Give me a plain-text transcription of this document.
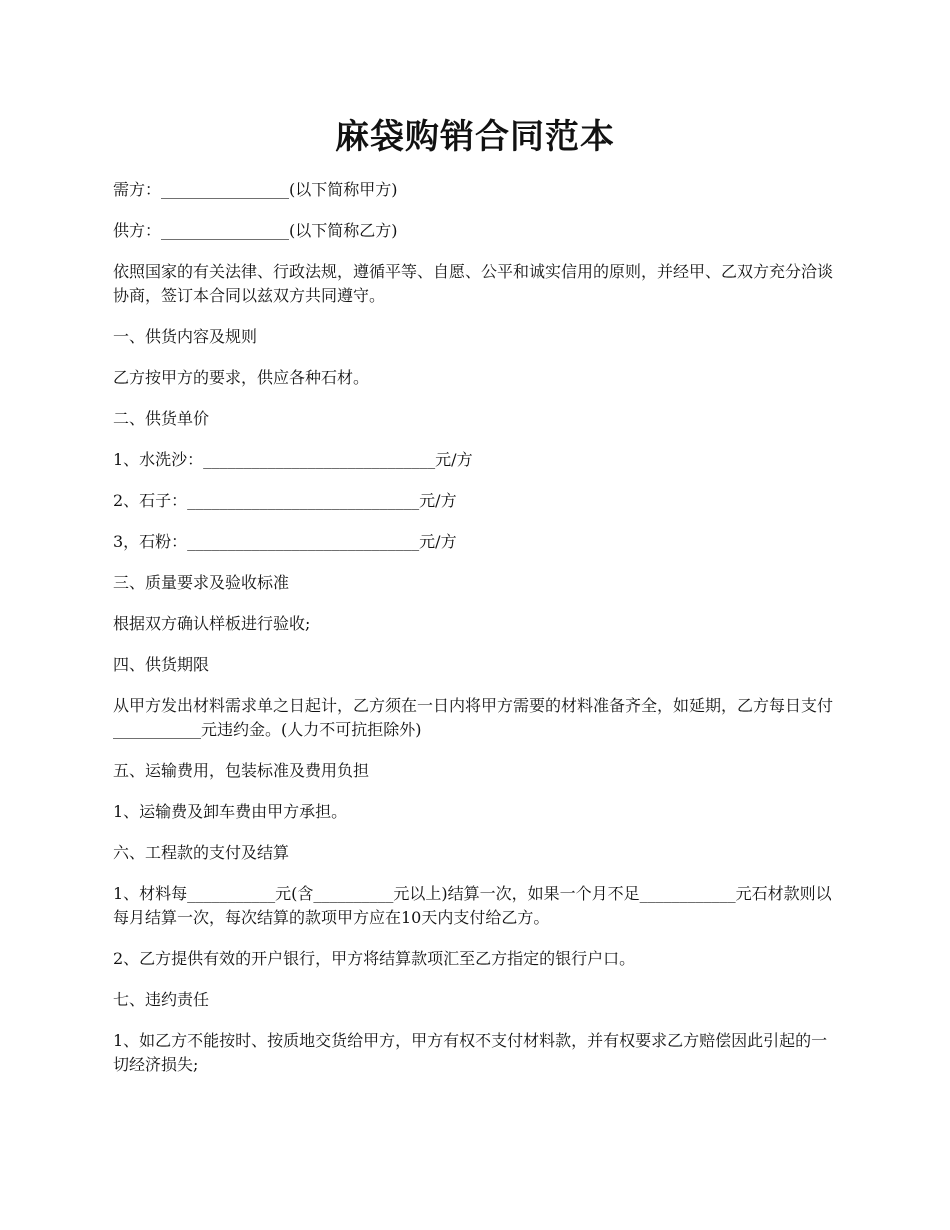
麻袋购销合同范本

需方：________________(以下简称甲方)

供方：________________(以下简称乙方)

依照国家的有关法律、行政法规，遵循平等、自愿、公平和诚实信用的原则，并经甲、乙双方充分洽谈协商，签订本合同以兹双方共同遵守。

一、供货内容及规则

乙方按甲方的要求，供应各种石材。

二、供货单价

1、水洗沙：_____________________________元/方

2、石子：_____________________________元/方

3，石粉：_____________________________元/方

三、质量要求及验收标准

根据双方确认样板进行验收;

四、供货期限

从甲方发出材料需求单之日起计，乙方须在一日内将甲方需要的材料准备齐全，如延期，乙方每日支付___________元违约金。(人力不可抗拒除外)

五、运输费用，包装标准及费用负担

1、运输费及卸车费由甲方承担。

六、工程款的支付及结算

1、材料每___________元(含__________元以上)结算一次，如果一个月不足____________元石材款则以每月结算一次，每次结算的款项甲方应在10天内支付给乙方。

2、乙方提供有效的开户银行，甲方将结算款项汇至乙方指定的银行户口。

七、违约责任

1、如乙方不能按时、按质地交货给甲方，甲方有权不支付材料款，并有权要求乙方赔偿因此引起的一切经济损失;
